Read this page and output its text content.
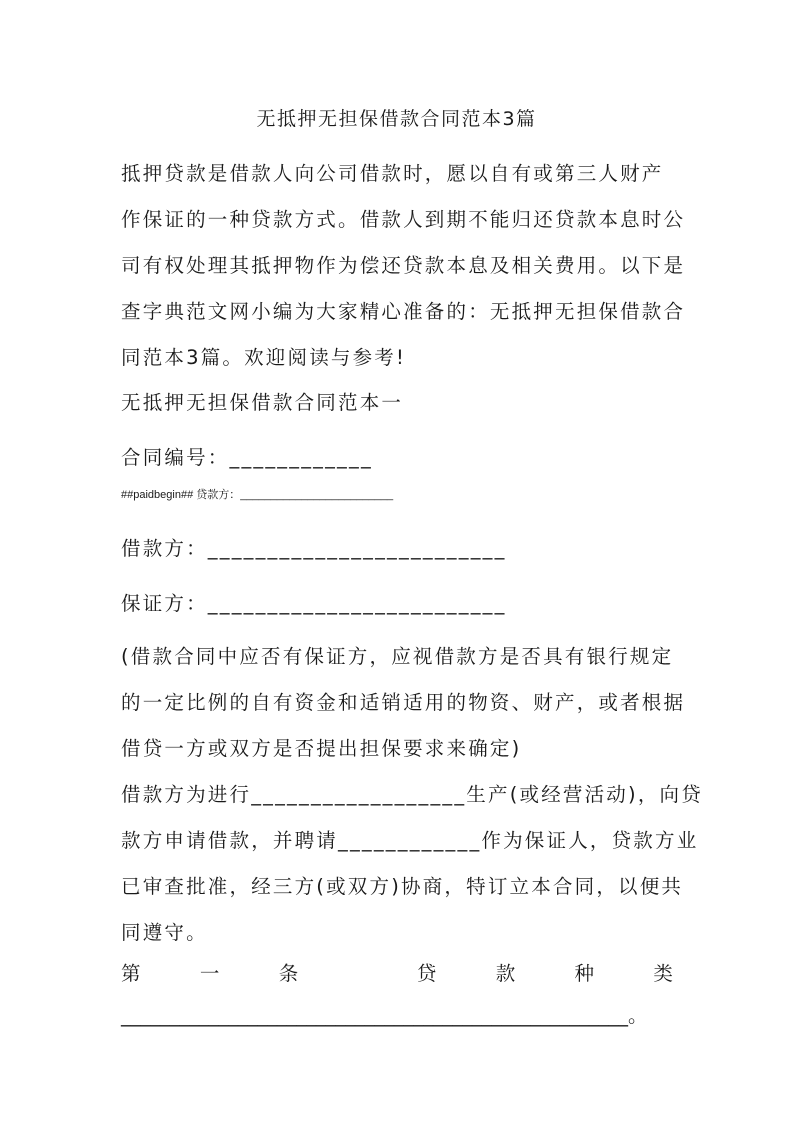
无抵押无担保借款合同范本3篇
抵押贷款是借款人向公司借款时，愿以自有或第三人财产
作保证的一种贷款方式。借款人到期不能归还贷款本息时公
司有权处理其抵押物作为偿还贷款本息及相关费用。以下是
查字典范文网小编为大家精心准备的：无抵押无担保借款合
同范本3篇。欢迎阅读与参考!
无抵押无担保借款合同范本一
合同编号：____________
##paidbegin## 贷款方：_________________________
借款方：_________________________
保证方：_________________________
(借款合同中应否有保证方，应视借款方是否具有银行规定
的一定比例的自有资金和适销适用的物资、财产，或者根据
借贷一方或双方是否提出担保要求来确定)
借款方为进行__________________生产(或经营活动)，向贷
款方申请借款，并聘请____________作为保证人，贷款方业
已审查批准，经三方(或双方)协商，特订立本合同，以便共
同遵守。
第	一	条	贷	款	种	类
____________________________________________________。
